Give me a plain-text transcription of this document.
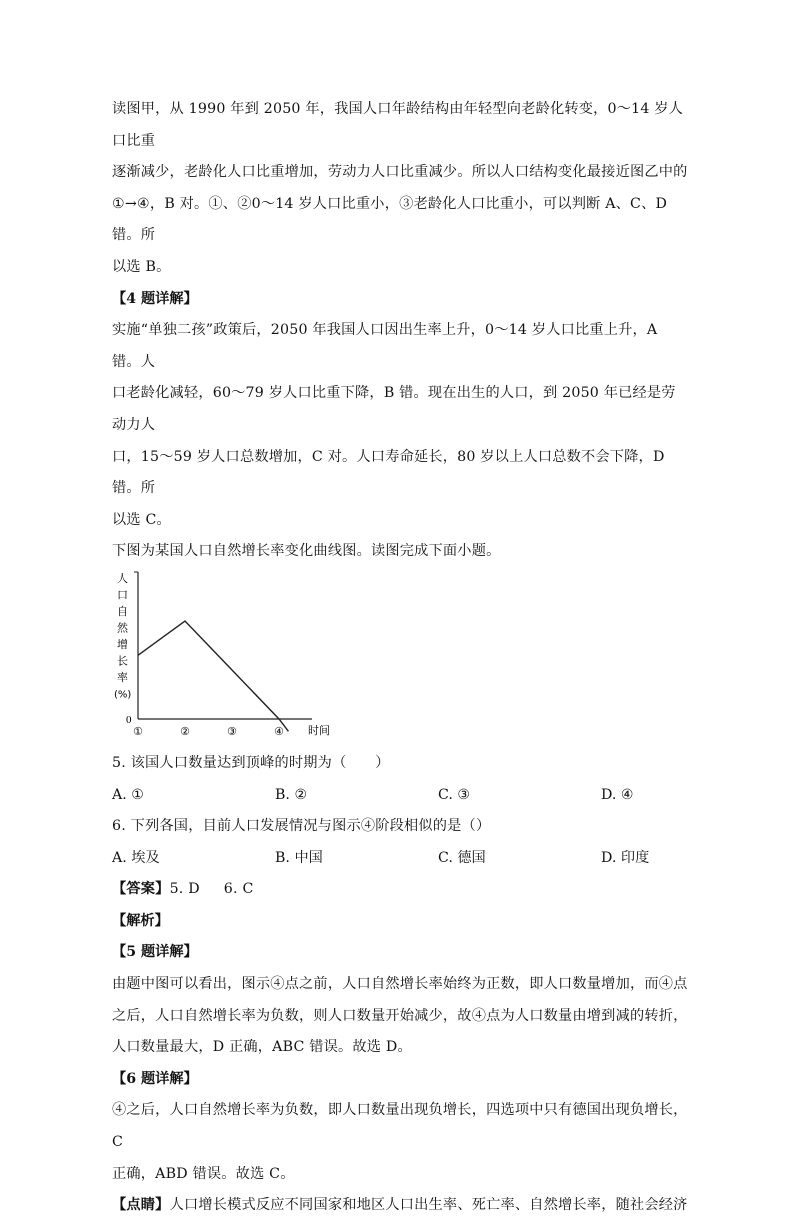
读图甲，从 1990 年到 2050 年，我国人口年龄结构由年轻型向老龄化转变，0～14 岁人口比重

逐渐减少，老龄化人口比重增加，劳动力人口比重减少。所以人口结构变化最接近图乙中的

①→④，B 对。①、②0～14 岁人口比重小，③老龄化人口比重小，可以判断 A、C、D 错。所

以选 B。

【4 题详解】

实施“单独二孩”政策后，2050 年我国人口因出生率上升，0～14 岁人口比重上升，A 错。人

口老龄化减轻，60～79 岁人口比重下降，B 错。现在出生的人口，到 2050 年已经是劳动力人

口，15～59 岁人口总数增加，C 对。人口寿命延长，80 岁以上人口总数不会下降，D 错。所

以选 C。

下图为某国人口自然增长率变化曲线图。读图完成下面小题。

人
口
自
然
增
长
率
(%)
0
①	②	③	④ 时间

5. 该国人口数量达到顶峰的时期为（　　）

A. ①	B. ②	C. ③	D. ④

6. 下列各国，目前人口发展情况与图示④阶段相似的是（）

A. 埃及	B. 中国	C. 德国	D. 印度

【答案】5. D 6. C

【解析】

【5 题详解】

由题中图可以看出，图示④点之前，人口自然增长率始终为正数，即人口数量增加，而④点

之后，人口自然增长率为负数，则人口数量开始减少，故④点为人口数量由增到减的转折，

人口数量最大，D 正确，ABC 错误。故选 D。

【6 题详解】

④之后，人口自然增长率为负数，即人口数量出现负增长，四选项中只有德国出现负增长，C

正确，ABD 错误。故选 C。

【点睛】人口增长模式反应不同国家和地区人口出生率、死亡率、自然增长率，随社会经济
